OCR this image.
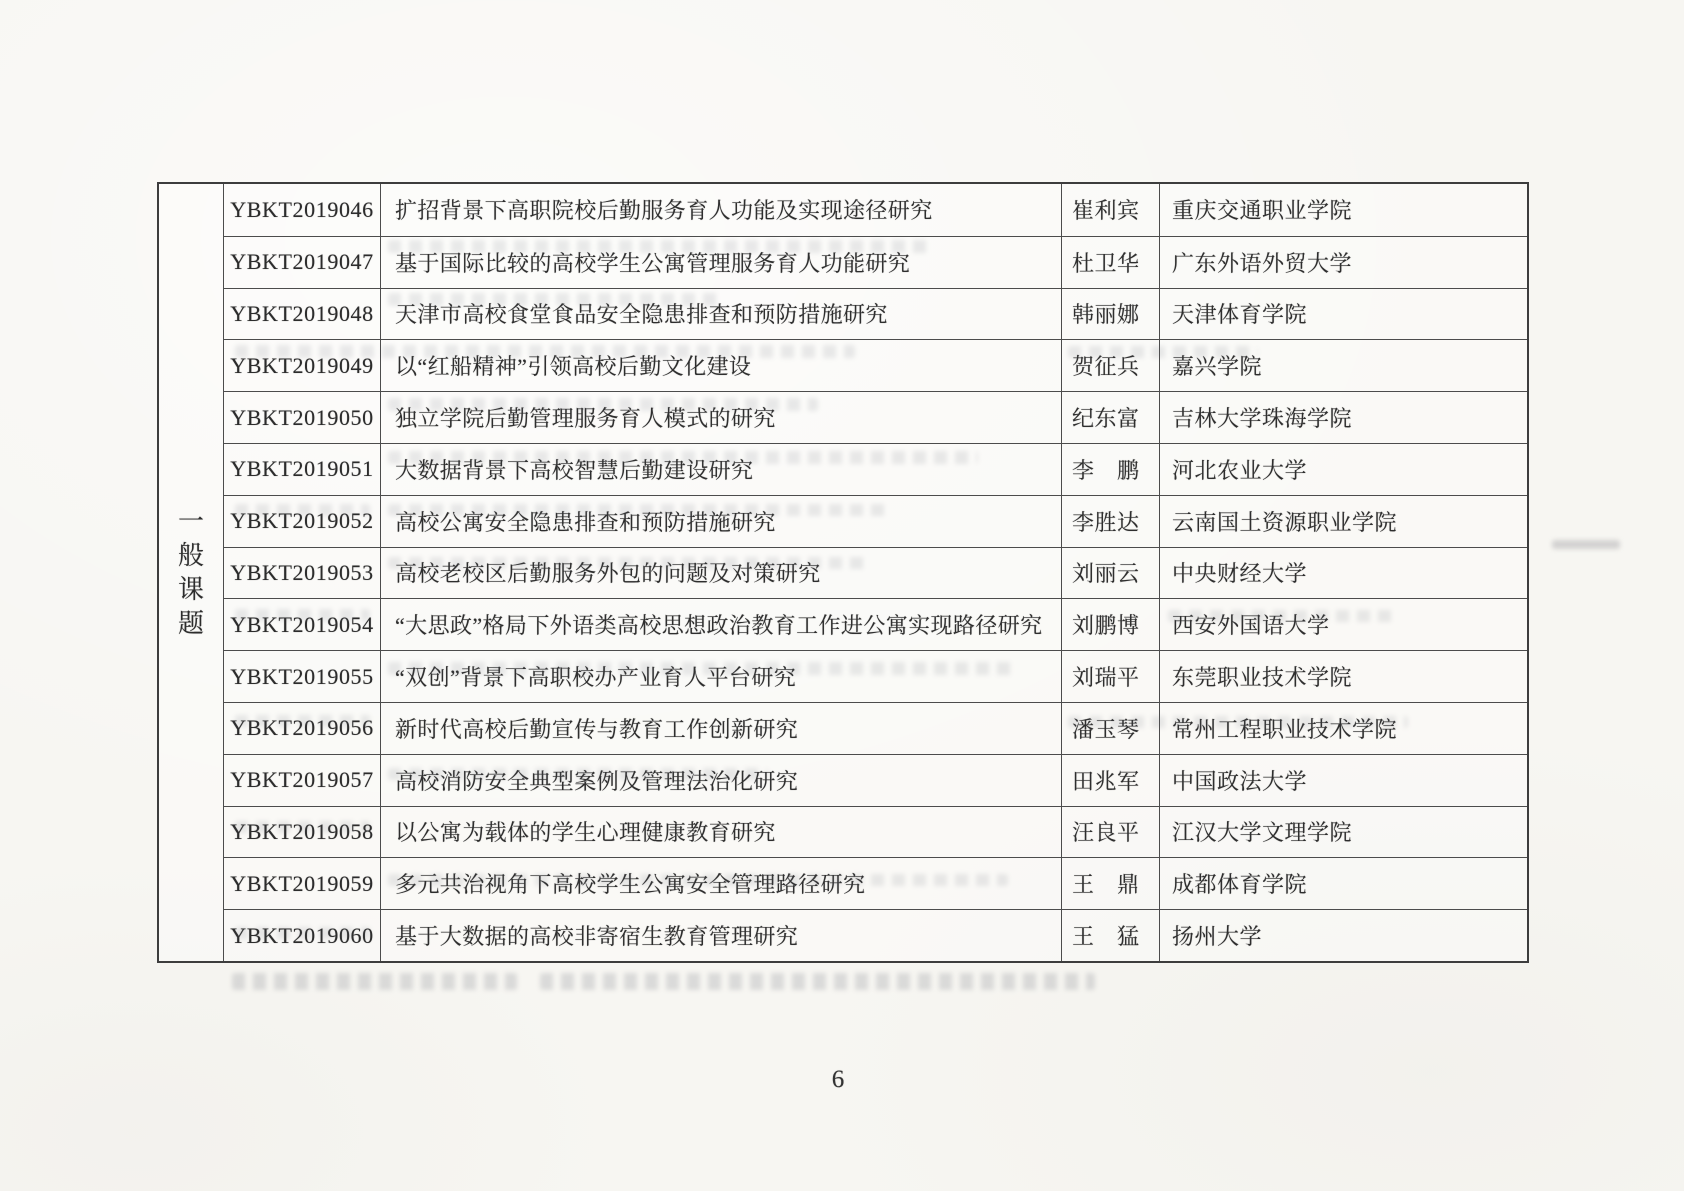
一般课题
YBKT2019046 扩招背景下高职院校后勤服务育人功能及实现途径研究	崔利宾	重庆交通职业学院
YBKT2019047 基于国际比较的高校学生公寓管理服务育人功能研究	杜卫华	广东外语外贸大学
YBKT2019048 天津市高校食堂食品安全隐患排查和预防措施研究	韩丽娜	天津体育学院
YBKT2019049 以“红船精神”引领高校后勤文化建设	贺征兵	嘉兴学院
YBKT2019050 独立学院后勤管理服务育人模式的研究	纪东富	吉林大学珠海学院
YBKT2019051 大数据背景下高校智慧后勤建设研究	李　鹏	河北农业大学
YBKT2019052 高校公寓安全隐患排查和预防措施研究	李胜达	云南国土资源职业学院
YBKT2019053 高校老校区后勤服务外包的问题及对策研究	刘丽云	中央财经大学
YBKT2019054 “大思政”格局下外语类高校思想政治教育工作进公寓实现路径研究	刘鹏博	西安外国语大学
YBKT2019055 “双创”背景下高职校办产业育人平台研究	刘瑞平	东莞职业技术学院
YBKT2019056 新时代高校后勤宣传与教育工作创新研究	潘玉琴	常州工程职业技术学院
YBKT2019057 高校消防安全典型案例及管理法治化研究	田兆军	中国政法大学
YBKT2019058 以公寓为载体的学生心理健康教育研究	汪良平	江汉大学文理学院
YBKT2019059 多元共治视角下高校学生公寓安全管理路径研究	王　鼎	成都体育学院
YBKT2019060 基于大数据的高校非寄宿生教育管理研究	王　猛	扬州大学
6
